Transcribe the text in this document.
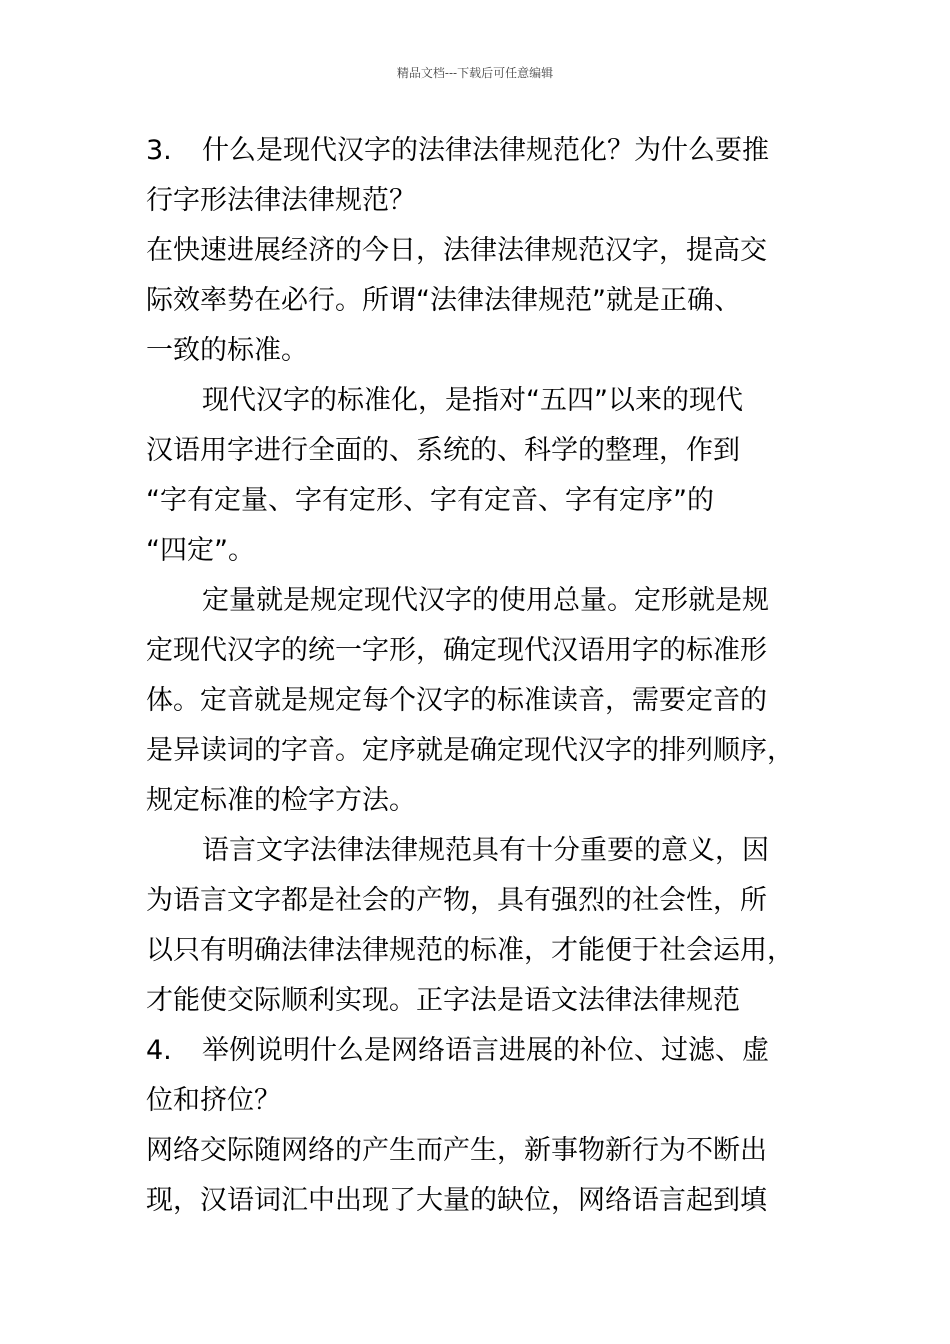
精品文档---下载后可任意编辑
3. 什么是现代汉字的法律法律规范化？为什么要推
行字形法律法律规范？
在快速进展经济的今日，法律法律规范汉字，提高交
际效率势在必行。所谓“法律法律规范”就是正确、
一致的标准。
现代汉字的标准化，是指对“五四”以来的现代
汉语用字进行全面的、系统的、科学的整理，作到
“字有定量、字有定形、字有定音、字有定序”的
“四定”。
定量就是规定现代汉字的使用总量。定形就是规
定现代汉字的统一字形，确定现代汉语用字的标准形
体。定音就是规定每个汉字的标准读音，需要定音的
是异读词的字音。定序就是确定现代汉字的排列顺序，
规定标准的检字方法。
语言文字法律法律规范具有十分重要的意义，因
为语言文字都是社会的产物，具有强烈的社会性，所
以只有明确法律法律规范的标准，才能便于社会运用，
才能使交际顺利实现。正字法是语文法律法律规范
4. 举例说明什么是网络语言进展的补位、过滤、虚
位和挤位？
网络交际随网络的产生而产生，新事物新行为不断出
现，汉语词汇中出现了大量的缺位，网络语言起到填
